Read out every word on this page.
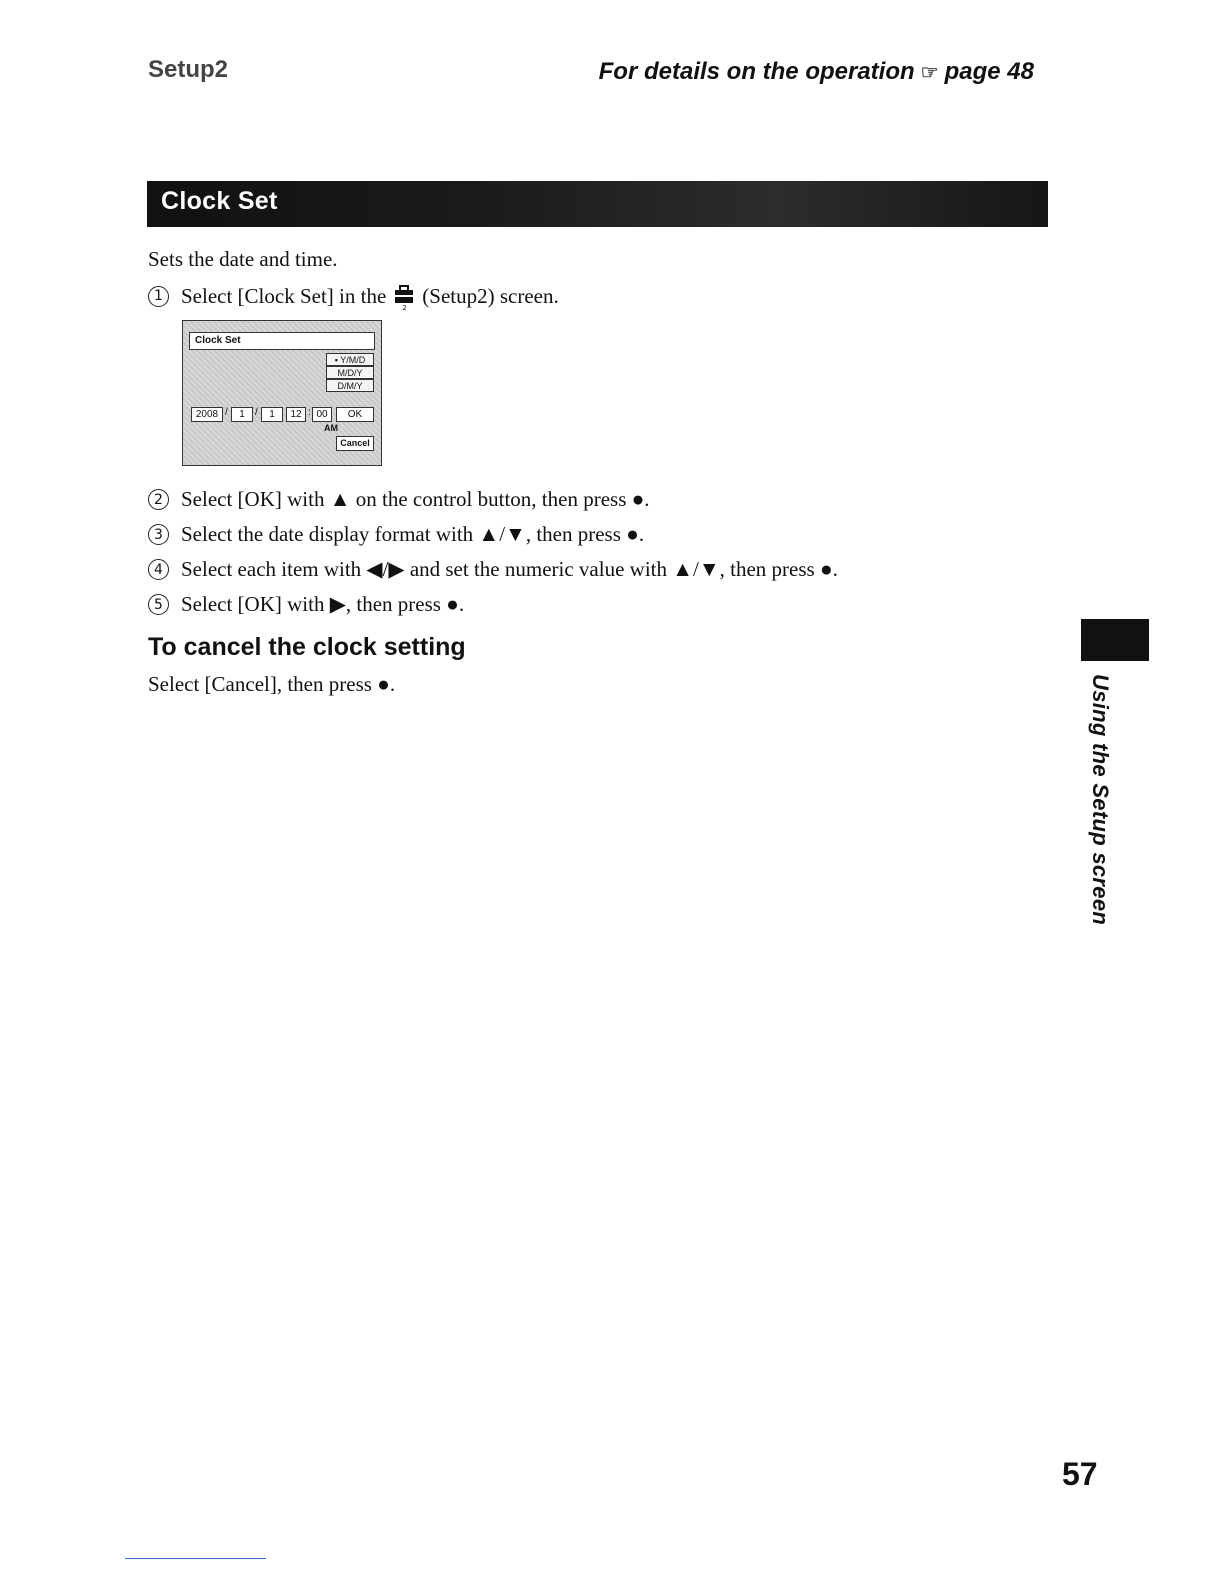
Setup2	For details on the operation ☞ page 48
Clock Set
Sets the date and time.
1 Select [Clock Set] in the
2
(Setup2) screen.
Clock Set
▪ Y/M/D
M/D/Y
D/M/Y
2008 /	1	/	1	12 : 00	OK
AM
Cancel
2 Select [OK] with ▲ on the control button, then press ●.
3 Select the date display format with ▲/▼, then press ●.
4 Select each item with ◀/▶ and set the numeric value with ▲/▼, then press ●.
5 Select [OK] with ▶, then press ●.
To cancel the clock setting
Select [Cancel], then press ●.	Using the Setup screen
57
